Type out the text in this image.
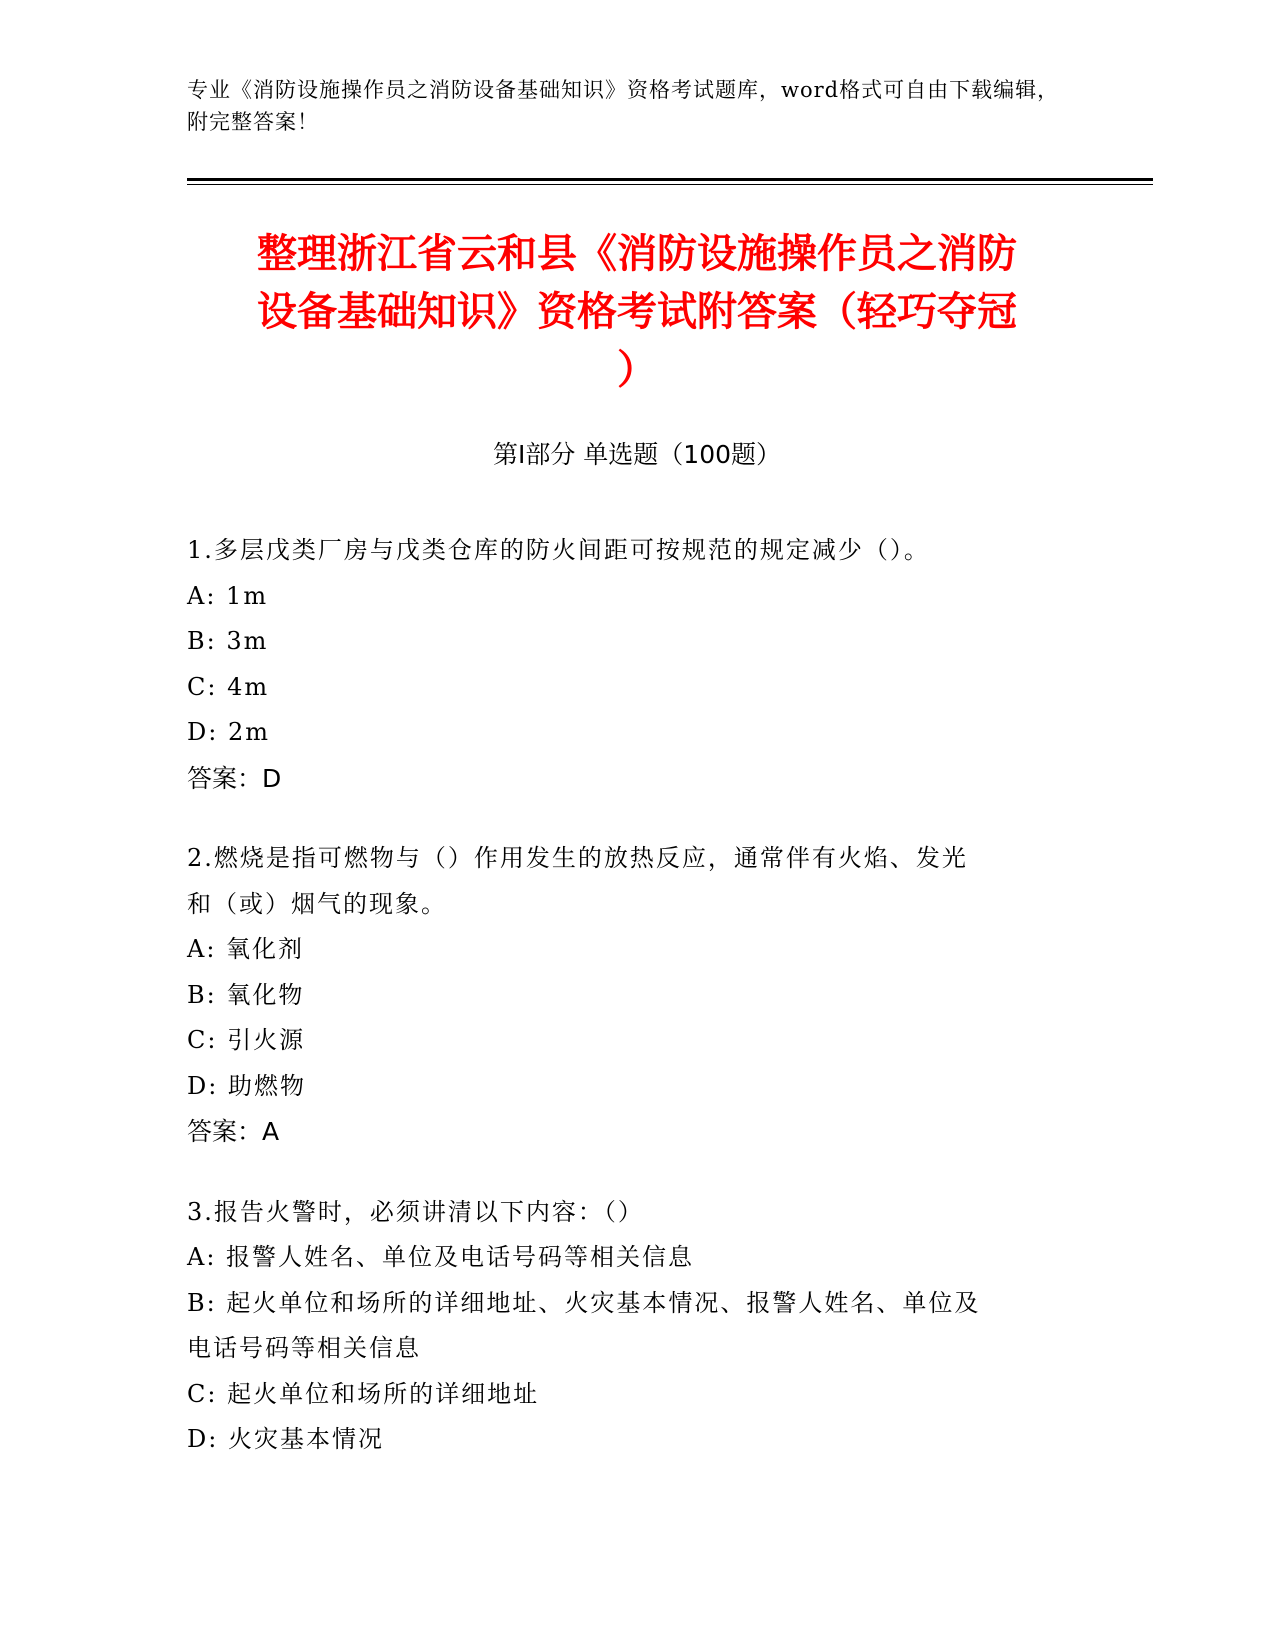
专业《消防设施操作员之消防设备基础知识》资格考试题库，word格式可自由下载编辑，附完整答案！
整理浙江省云和县《消防设施操作员之消防
设备基础知识》资格考试附答案（轻巧夺冠
）
第I部分 单选题（100题）
1.多层戊类厂房与戊类仓库的防火间距可按规范的规定减少（）。
A: 1m
B: 3m
C: 4m
D: 2m
答案：D
2.燃烧是指可燃物与（）作用发生的放热反应，通常伴有火焰、发光
和（或）烟气的现象。
A: 氧化剂
B: 氧化物
C: 引火源
D: 助燃物
答案：A
3.报告火警时，必须讲清以下内容：（）
A: 报警人姓名、单位及电话号码等相关信息
B: 起火单位和场所的详细地址、火灾基本情况、报警人姓名、单位及
电话号码等相关信息
C: 起火单位和场所的详细地址
D: 火灾基本情况
